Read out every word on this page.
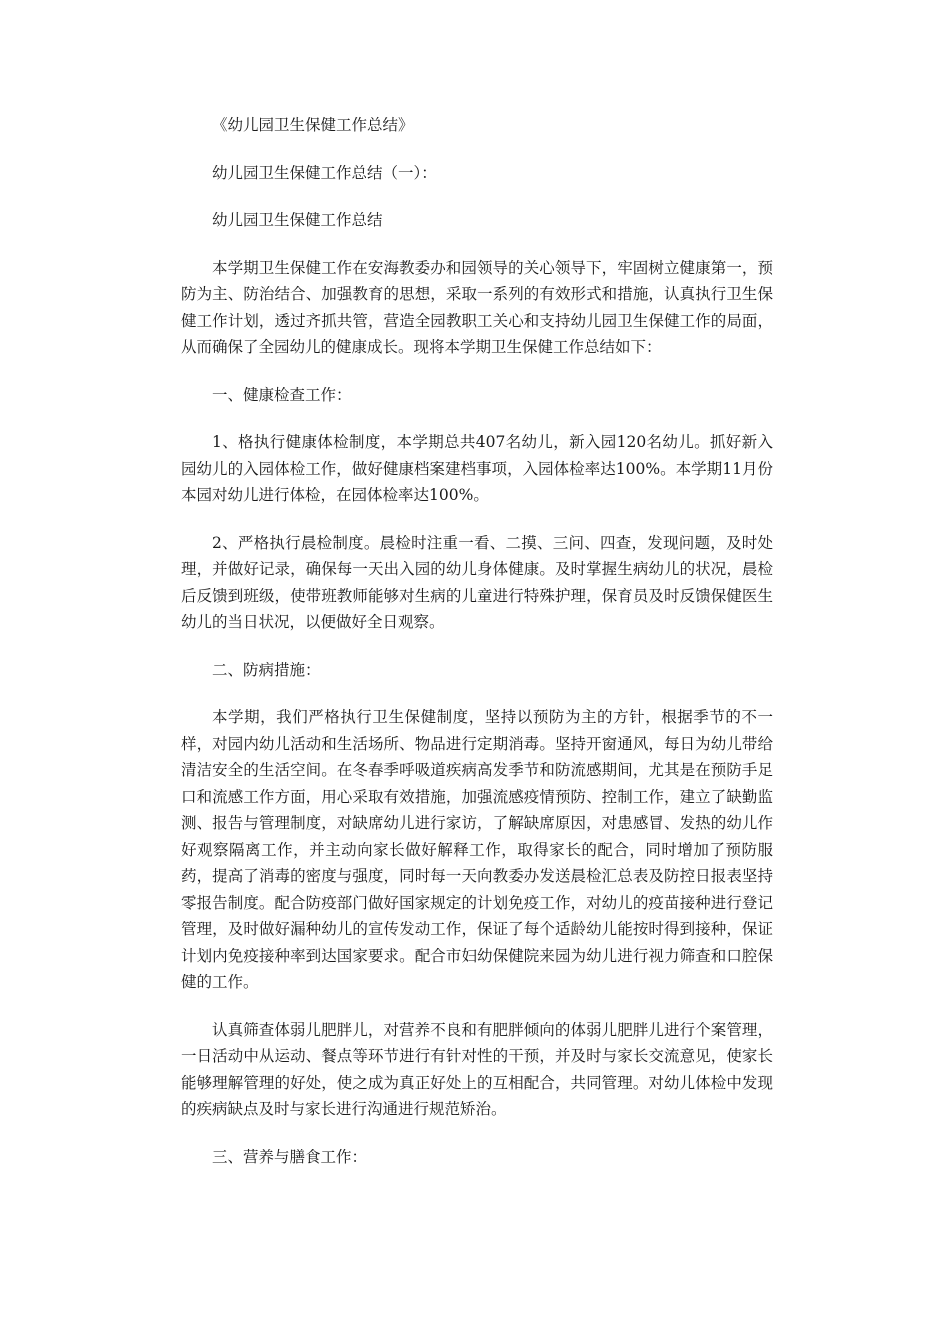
《幼儿园卫生保健工作总结》

幼儿园卫生保健工作总结（一）：

幼儿园卫生保健工作总结

本学期卫生保健工作在安海教委办和园领导的关心领导下，牢固树立健康第一，预防为主、防治结合、加强教育的思想，采取一系列的有效形式和措施，认真执行卫生保健工作计划，透过齐抓共管，营造全园教职工关心和支持幼儿园卫生保健工作的局面，从而确保了全园幼儿的健康成长。现将本学期卫生保健工作总结如下：

一、健康检查工作：

1、格执行健康体检制度，本学期总共407名幼儿，新入园120名幼儿。抓好新入园幼儿的入园体检工作，做好健康档案建档事项，入园体检率达100%。本学期11月份本园对幼儿进行体检，在园体检率达100%。

2、严格执行晨检制度。晨检时注重一看、二摸、三问、四查，发现问题，及时处理，并做好记录，确保每一天出入园的幼儿身体健康。及时掌握生病幼儿的状况，晨检后反馈到班级，使带班教师能够对生病的儿童进行特殊护理，保育员及时反馈保健医生幼儿的当日状况，以便做好全日观察。

二、防病措施：

本学期，我们严格执行卫生保健制度，坚持以预防为主的方针，根据季节的不一样，对园内幼儿活动和生活场所、物品进行定期消毒。坚持开窗通风，每日为幼儿带给清洁安全的生活空间。在冬春季呼吸道疾病高发季节和防流感期间，尤其是在预防手足口和流感工作方面，用心采取有效措施，加强流感疫情预防、控制工作，建立了缺勤监测、报告与管理制度，对缺席幼儿进行家访，了解缺席原因，对患感冒、发热的幼儿作好观察隔离工作，并主动向家长做好解释工作，取得家长的配合，同时增加了预防服药，提高了消毒的密度与强度，同时每一天向教委办发送晨检汇总表及防控日报表坚持零报告制度。配合防疫部门做好国家规定的计划免疫工作，对幼儿的疫苗接种进行登记管理，及时做好漏种幼儿的宣传发动工作，保证了每个适龄幼儿能按时得到接种，保证计划内免疫接种率到达国家要求。配合市妇幼保健院来园为幼儿进行视力筛查和口腔保健的工作。

认真筛查体弱儿肥胖儿，对营养不良和有肥胖倾向的体弱儿肥胖儿进行个案管理，一日活动中从运动、餐点等环节进行有针对性的干预，并及时与家长交流意见，使家长能够理解管理的好处，使之成为真正好处上的互相配合，共同管理。对幼儿体检中发现的疾病缺点及时与家长进行沟通进行规范矫治。

三、营养与膳食工作：
